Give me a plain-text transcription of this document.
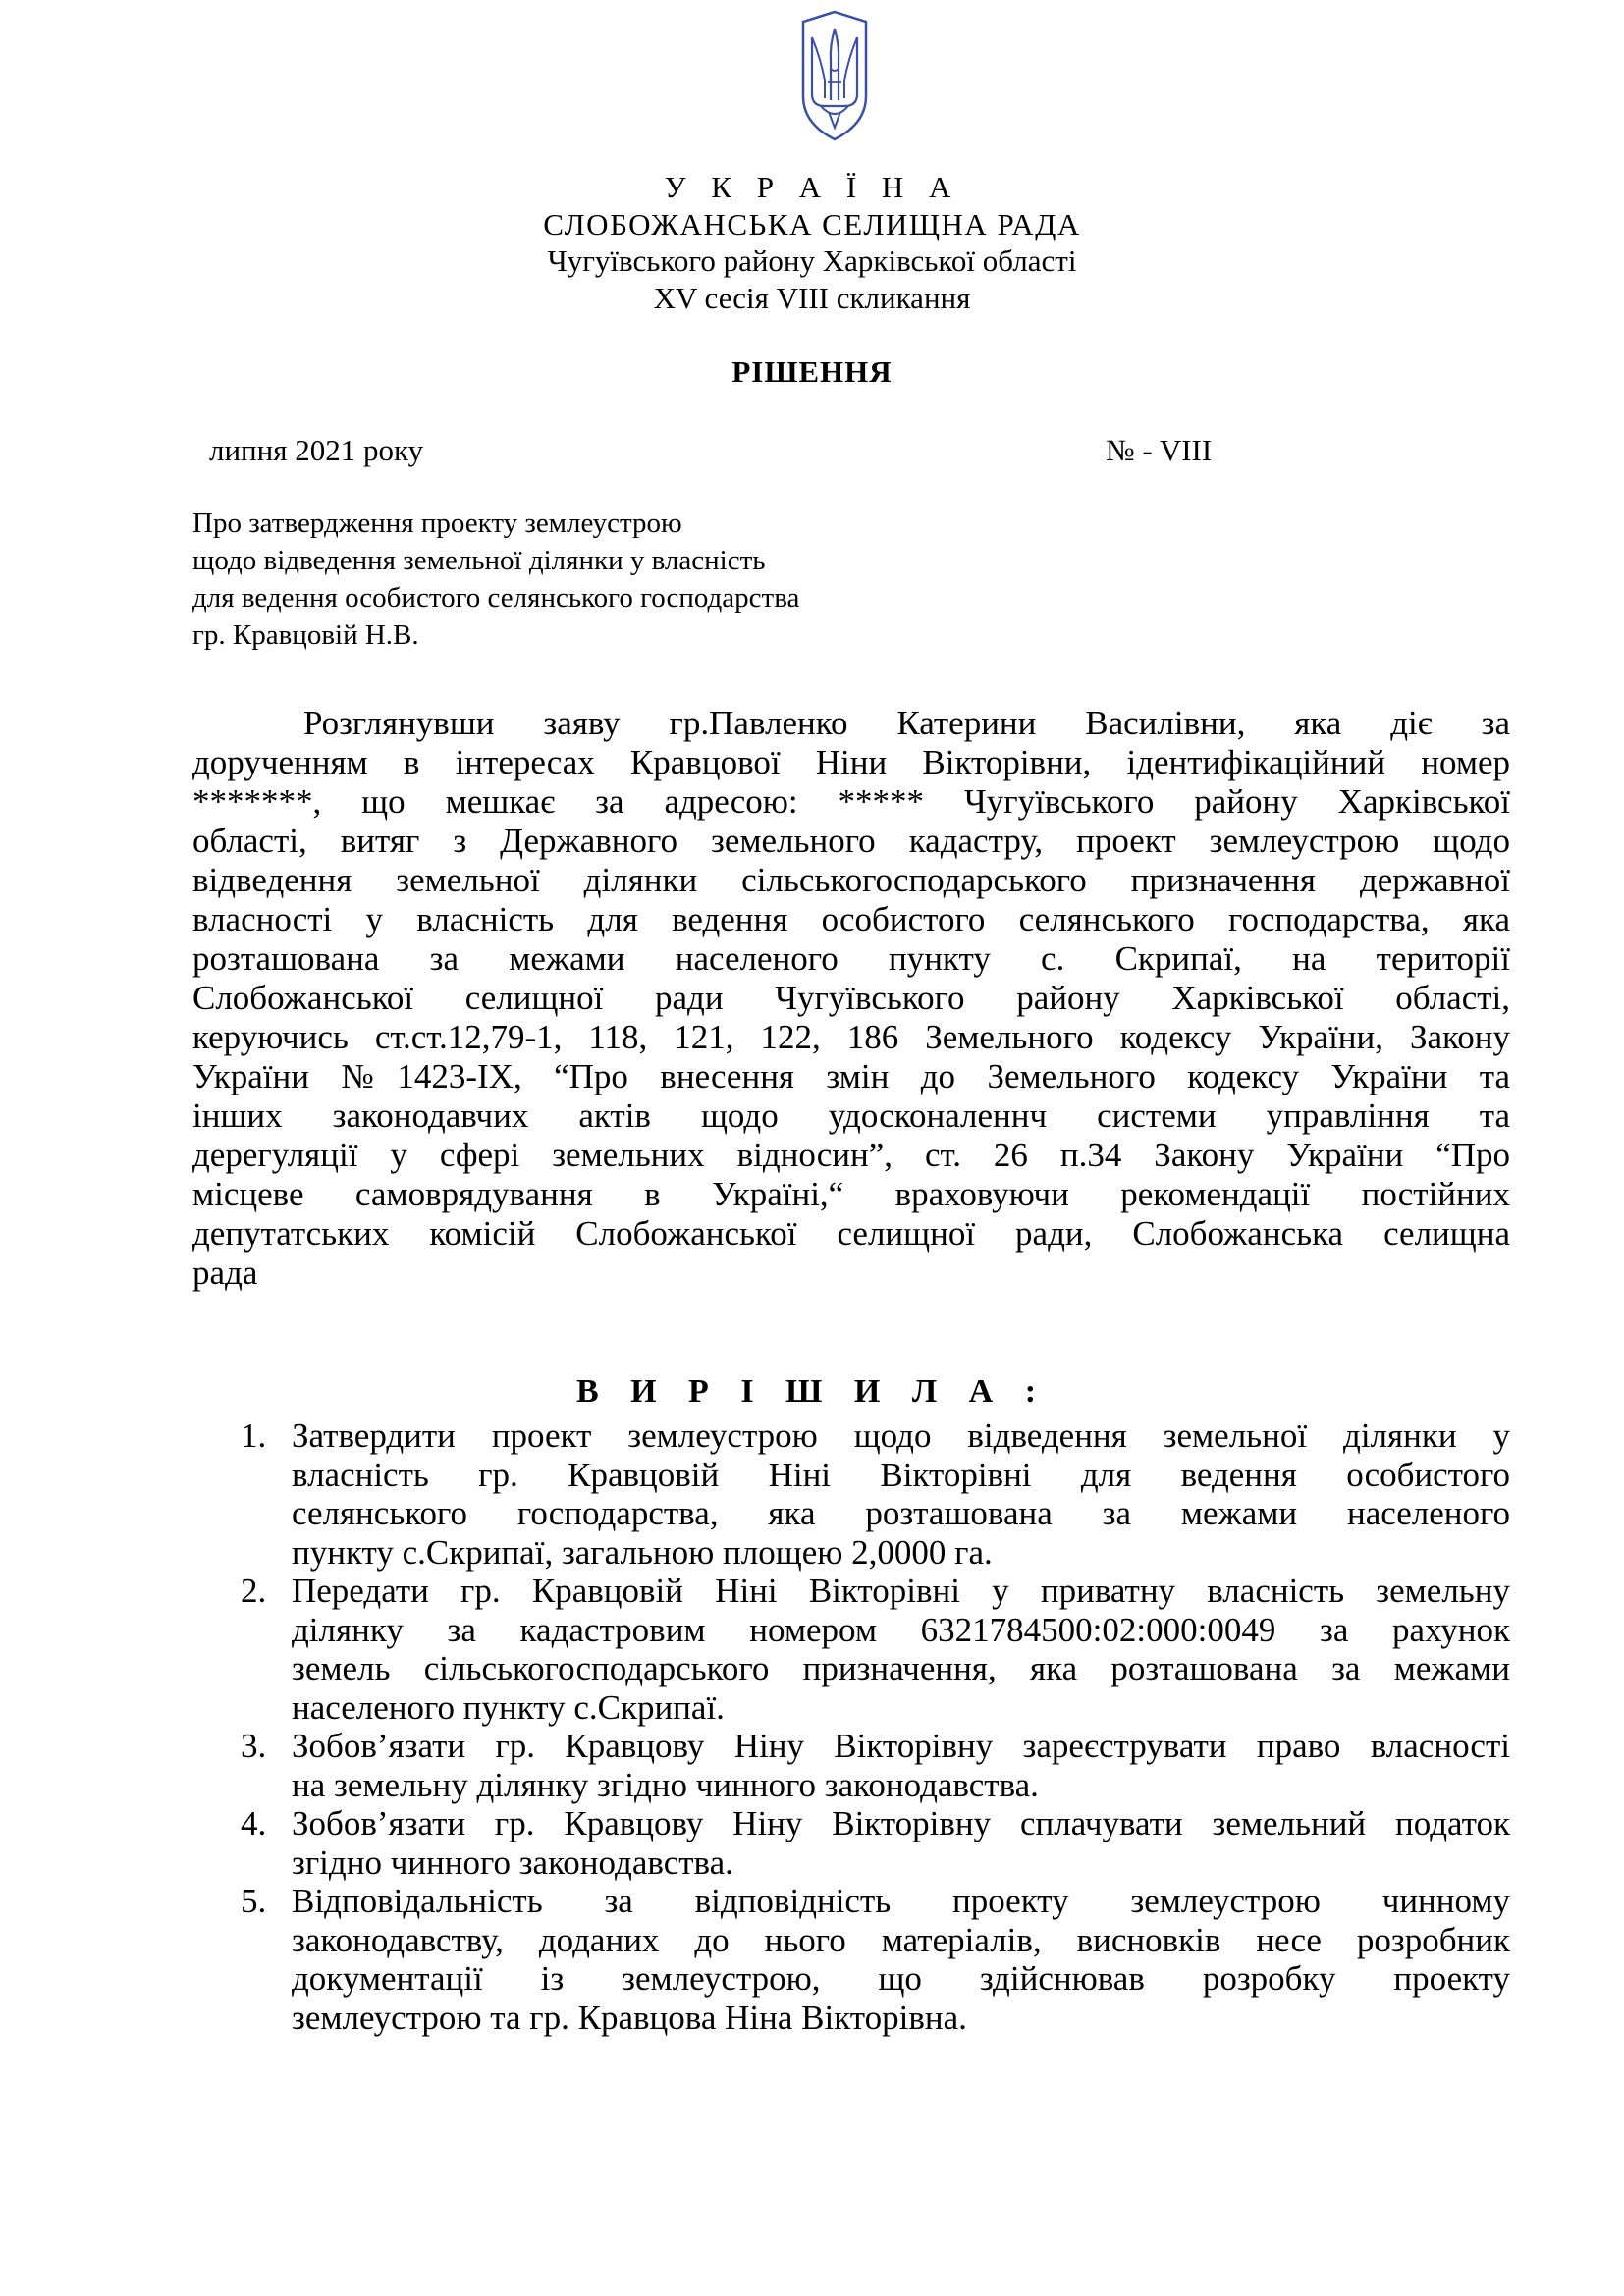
У К Р А Ї Н А
СЛОБОЖАНСЬКА СЕЛИЩНА РАДА
Чугуївського району Харківської області
XV сесія VIII скликання
РІШЕННЯ
липня 2021 року	№ - VIII
Про затвердження проекту землеустрою
щодо відведення земельної ділянки у власність
для ведення особистого селянського господарства
гр. Кравцовій Н.В.
Розглянувши заяву гр.Павленко Катерини Василівни, яка діє за
дорученням в інтересах Кравцової Ніни Вікторівни, ідентифікаційний номер
*******, що мешкає за адресою: ***** Чугуївського району Харківської
області, витяг з Державного земельного кадастру, проект землеустрою щодо
відведення земельної ділянки сільськогосподарського призначення державної
власності у власність для ведення особистого селянського господарства, яка
розташована за межами населеного пункту с. Скрипаї, на території
Слобожанської селищної ради Чугуївського району Харківської області,
керуючись ст.ст.12,79-1, 118, 121, 122, 186 Земельного кодексу України, Закону
України №1423-IX, “Про внесення змін до Земельного кодексу України та
інших законодавчих актів щодо удосконаленнч системи управління та
дерегуляції у сфері земельних відносин”, ст. 26 п.34 Закону України “Про
місцеве самоврядування в Україні,“ враховуючи рекомендації постійних
депутатських комісій Слобожанської селищної ради, Слобожанська селищна
рада
В И Р І Ш И Л А :
1. Затвердити проект землеустрою щодо відведення земельної ділянки у
власність гр. Кравцовій Ніні Вікторівні для ведення особистого
селянського господарства, яка розташована за межами населеного
пункту с.Скрипаї, загальною площею 2,0000 га.
2. Передати гр. Кравцовій Ніні Вікторівні у приватну власність земельну
ділянку за кадастровим номером 6321784500:02:000:0049 за рахунок
земель сільськогосподарського призначення, яка розташована за межами
населеного пункту с.Скрипаї.
3. Зобов’язати гр. Кравцову Ніну Вікторівну зареєструвати право власності
на земельну ділянку згідно чинного законодавства.
4. Зобов’язати гр. Кравцову Ніну Вікторівну сплачувати земельний податок
згідно чинного законодавства.
5. Відповідальність за відповідність проекту землеустрою чинному
законодавству, доданих до нього матеріалів, висновків несе розробник
документації із землеустрою, що здійснював розробку проекту
землеустрою та гр. Кравцова Ніна Вікторівна.
